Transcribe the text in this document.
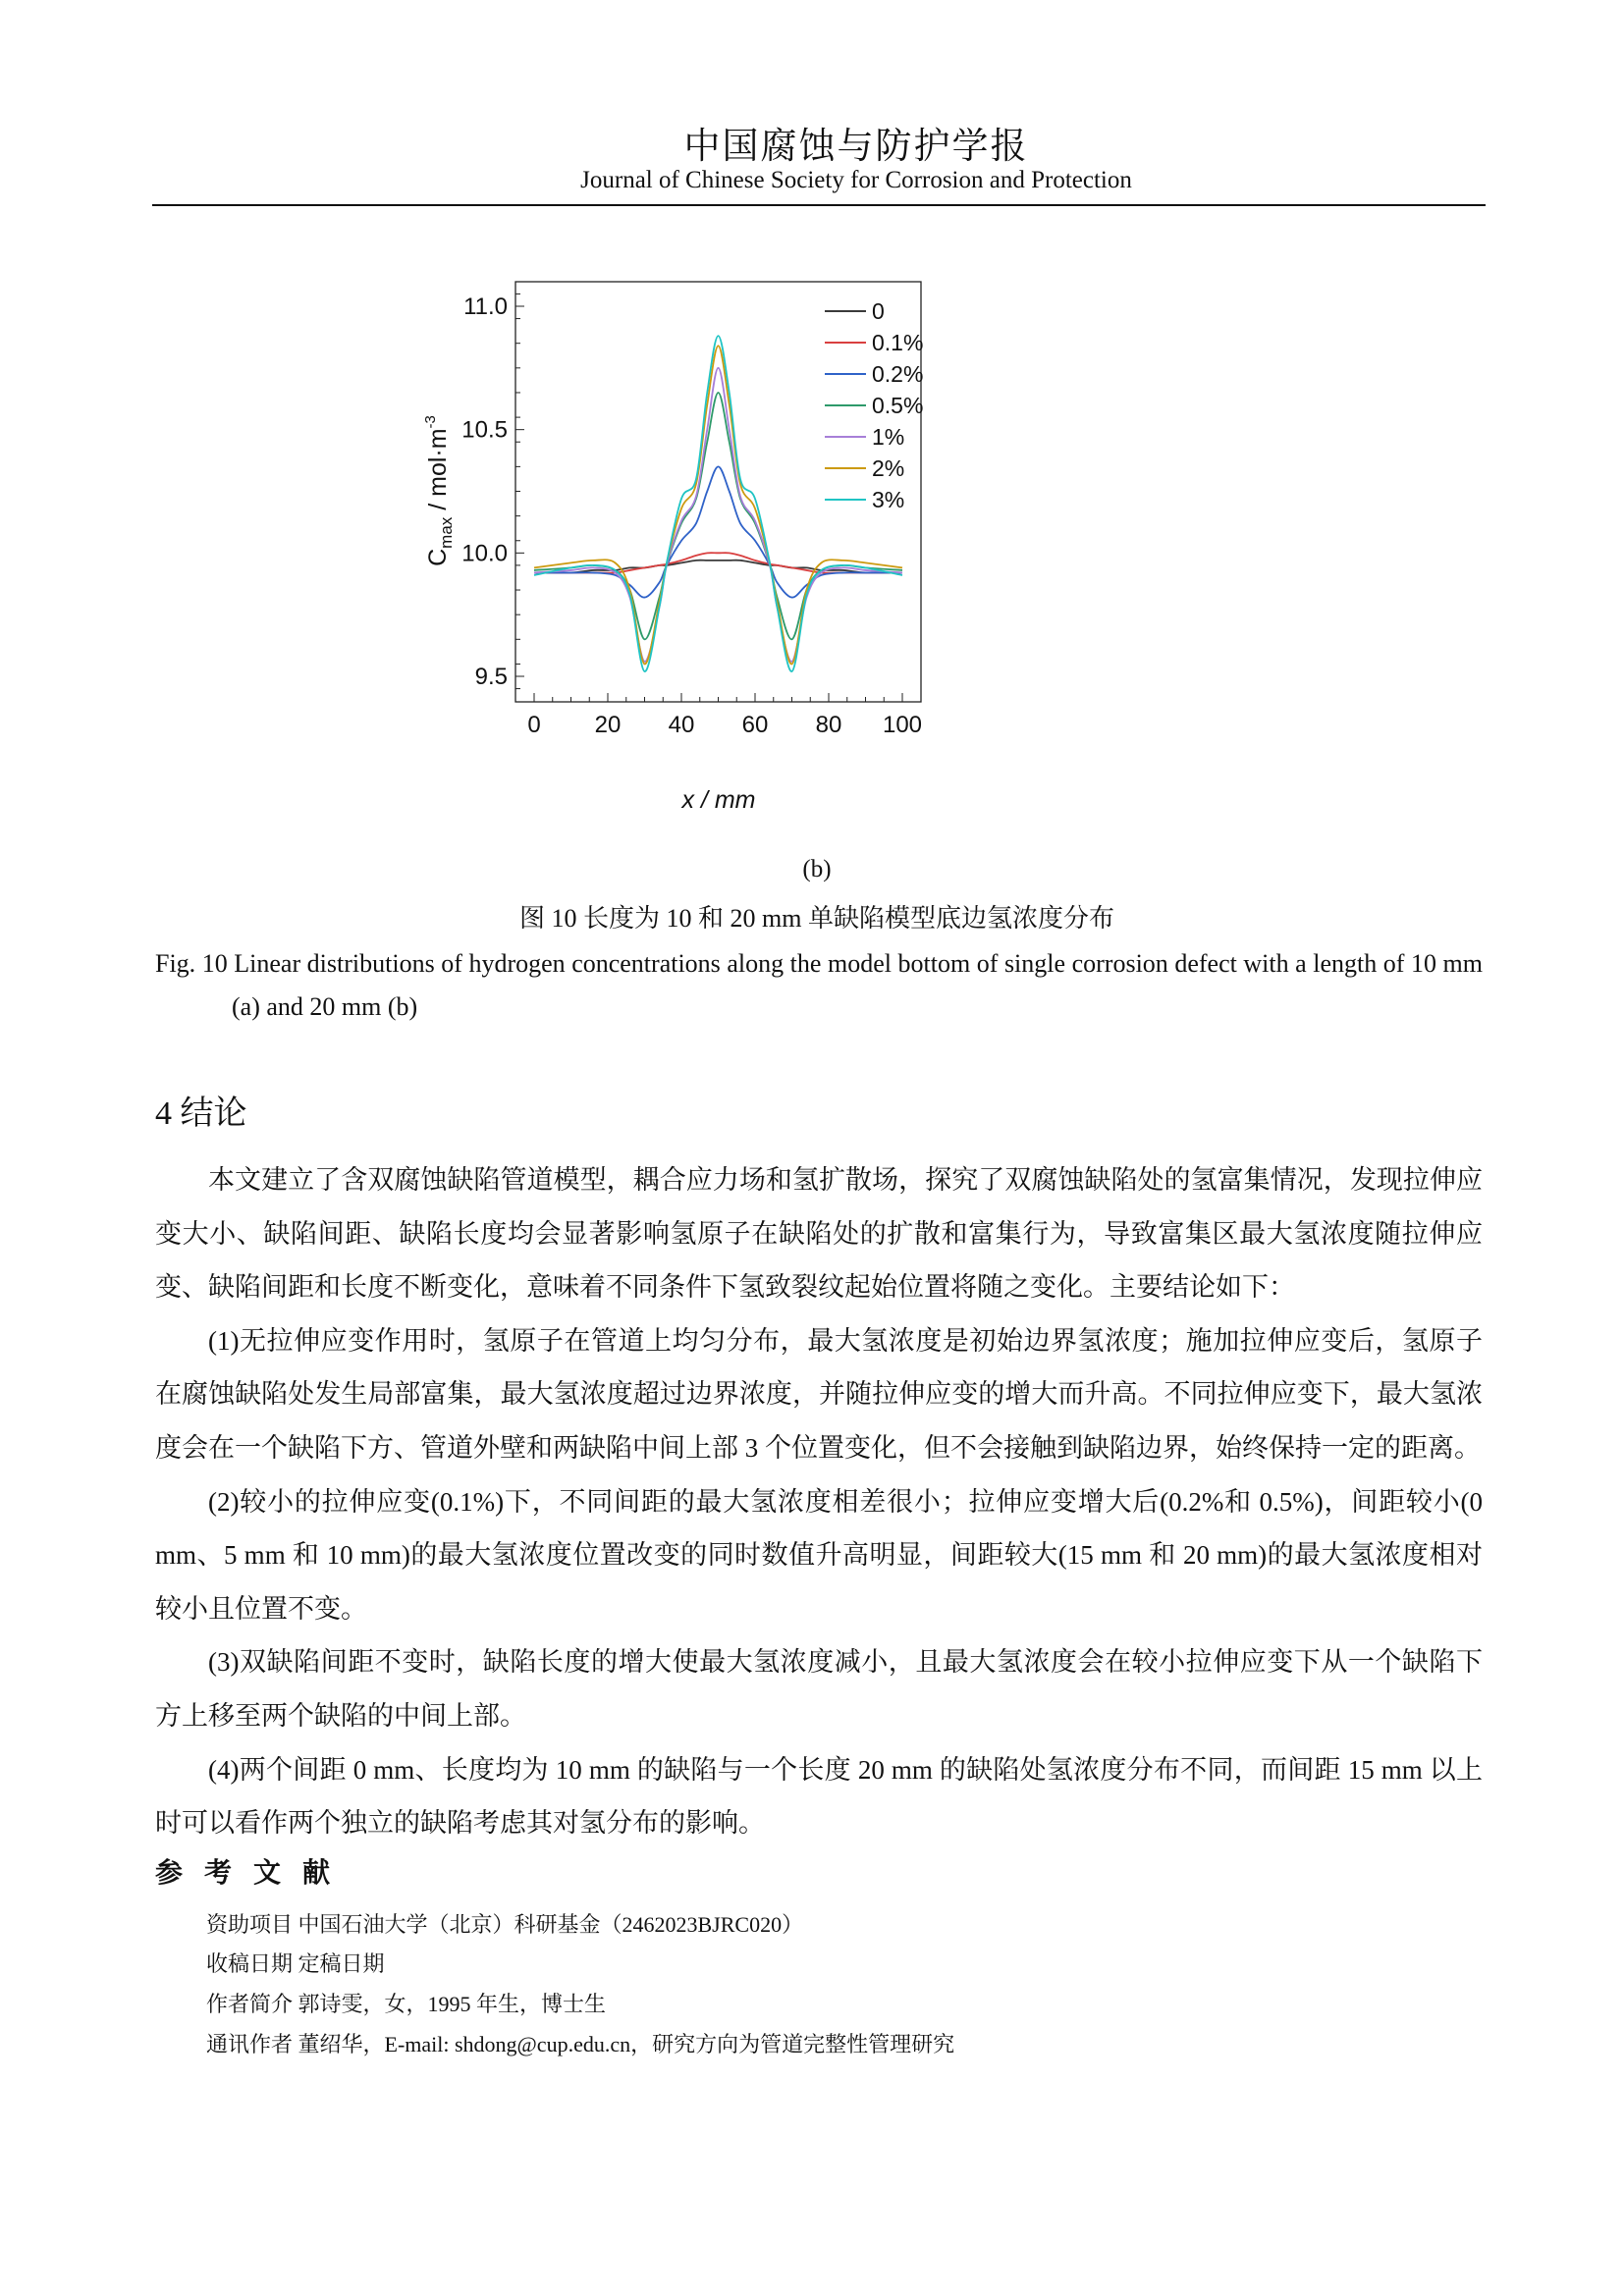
中国腐蚀与防护学报
Journal of Chinese Society for Corrosion and Protection
0 20 40 60 80 100
9.5
10.0
10.5
11.0	0
0.1%
0.2%
0.5%
1%
2%
3%
x / mm
$C_{max} / mol\cdot m^{-3}$
(b)
图 10 长度为 10 和 20 mm 单缺陷模型底边氢浓度分布
Fig. 10 Linear distributions of hydrogen concentrations along the model bottom of single corrosion defect with a length of 10 mm (a) and 20 mm (b)
4 结论

本文建立了含双腐蚀缺陷管道模型，耦合应力场和氢扩散场，探究了双腐蚀缺陷处的氢富集情况，发现拉伸应变大小、缺陷间距、缺陷长度均会显著影响氢原子在缺陷处的扩散和富集行为，导致富集区最大氢浓度随拉伸应变、缺陷间距和长度不断变化，意味着不同条件下氢致裂纹起始位置将随之变化。主要结论如下：

(1)无拉伸应变作用时，氢原子在管道上均匀分布，最大氢浓度是初始边界氢浓度；施加拉伸应变后，氢原子在腐蚀缺陷处发生局部富集，最大氢浓度超过边界浓度，并随拉伸应变的增大而升高。不同拉伸应变下，最大氢浓度会在一个缺陷下方、管道外壁和两缺陷中间上部 3 个位置变化，但不会接触到缺陷边界，始终保持一定的距离。

(2)较小的拉伸应变(0.1%)下，不同间距的最大氢浓度相差很小；拉伸应变增大后(0.2%和 0.5%)，间距较小(0 mm、5 mm 和 10 mm)的最大氢浓度位置改变的同时数值升高明显，间距较大(15 mm 和 20 mm)的最大氢浓度相对较小且位置不变。

(3)双缺陷间距不变时，缺陷长度的增大使最大氢浓度减小，且最大氢浓度会在较小拉伸应变下从一个缺陷下方上移至两个缺陷的中间上部。

(4)两个间距 0 mm、长度均为 10 mm 的缺陷与一个长度 20 mm 的缺陷处氢浓度分布不同，而间距 15 mm 以上时可以看作两个独立的缺陷考虑其对氢分布的影响。

参考文献
资助项目 中国石油大学（北京）科研基金（2462023BJRC020）
收稿日期 定稿日期
作者简介 郭诗雯，女，1995 年生，博士生
通讯作者 董绍华，E-mail: shdong@cup.edu.cn，研究方向为管道完整性管理研究
